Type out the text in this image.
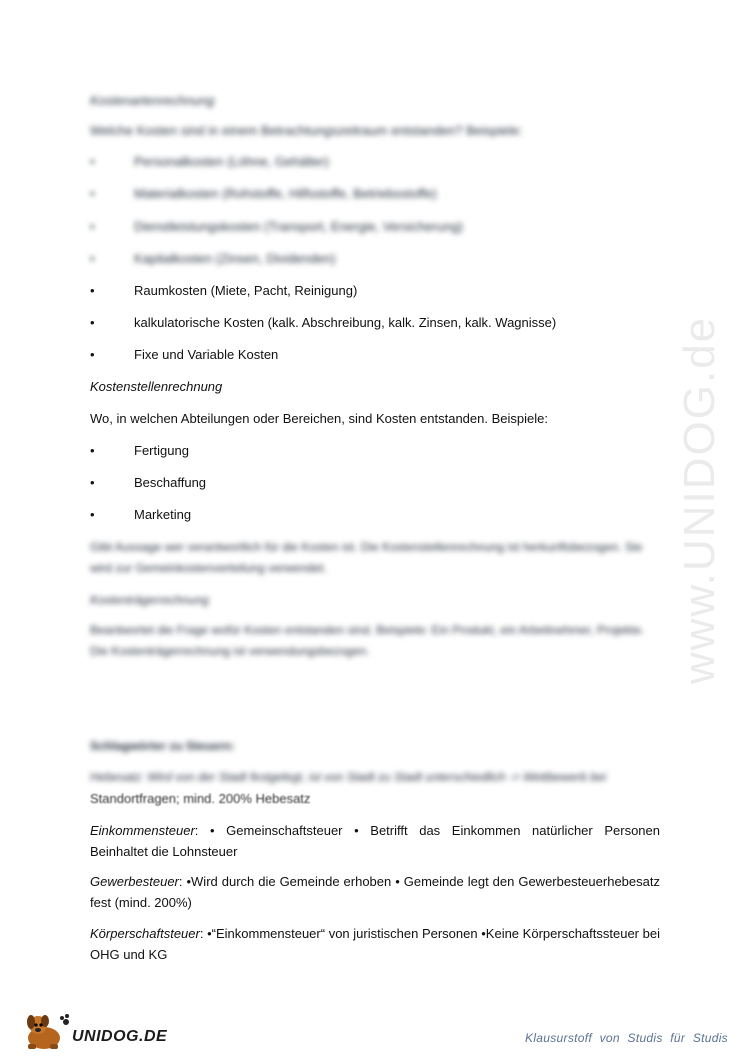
www.UNIDOG.de

Kostenartenrechnung

Welche Kosten sind in einem Betrachtungszeitraum entstanden? Beispiele:

•	Personalkosten (Löhne, Gehälter)
•	Materialkosten (Rohstoffe, Hilfsstoffe, Betriebsstoffe)
•	Dienstleistungskosten (Transport, Energie, Versicherung)
•	Kapitalkosten (Zinsen, Dividenden)
•	Raumkosten (Miete, Pacht, Reinigung)
•	kalkulatorische Kosten (kalk. Abschreibung, kalk. Zinsen, kalk. Wagnisse)
•	Fixe und Variable Kosten

Kostenstellenrechnung

Wo, in welchen Abteilungen oder Bereichen, sind Kosten entstanden. Beispiele:

•	Fertigung
•	Beschaffung
•	Marketing

Gibt Aussage wer verantwortlich für die Kosten ist. Die Kostenstellenrechnung ist herkunftsbezogen. Sie wird zur Gemeinkostenverteilung verwendet.

Kostenträgerrechnung

Beantwortet die Frage wofür Kosten entstanden sind. Beispiele: Ein Produkt, ein Arbeitnehmer, Projekte. Die Kostenträgerrechnung ist verwendungsbezogen.

Schlagwörter zu Steuern:

Hebesatz: Wird von der Stadt festgelegt, ist von Stadt zu Stadt unterschiedlich -> Wettbewerb bei

Standortfragen; mind. 200% Hebesatz

Einkommensteuer: • Gemeinschaftsteuer • Betrifft das Einkommen natürlicher Personen

Beinhaltet die Lohnsteuer

Gewerbesteuer: •Wird durch die Gemeinde erhoben • Gemeinde legt den Gewerbesteuerhebesatz

fest (mind. 200%)

Körperschaftsteuer: •“Einkommensteuer“ von juristischen Personen •Keine Körperschaftssteuer bei

OHG und KG

UNIDOG.DE	Klausurstoff von Studis für Studis
